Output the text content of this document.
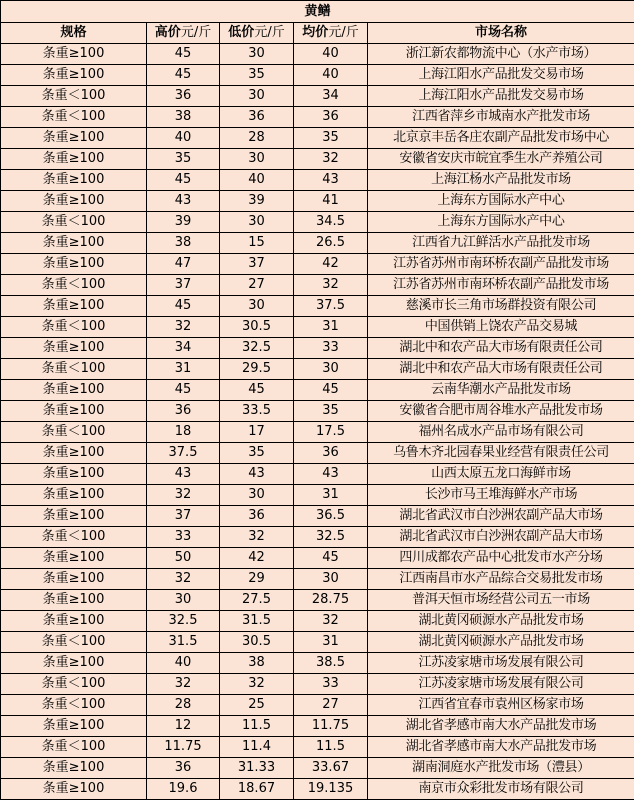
黄鳝				
规格	高价元/斤	低价元/斤	均价元/斤	市场名称
条重≥100	45	30	40	浙江新农都物流中心（水产市场）
条重≥100	45	35	40	上海江阳水产品批发交易市场
条重＜100	36	30	34	上海江阳水产品批发交易市场
条重＜100	38	36	36	江西省萍乡市城南水产批发市场
条重≥100	40	28	35	北京京丰岳各庄农副产品批发市场中心
条重≥100	35	30	32	安徽省安庆市皖宜季生水产养殖公司
条重≥100	45	40	43	上海江杨水产品批发市场
条重≥100	43	39	41	上海东方国际水产中心
条重＜100	39	30	34.5	上海东方国际水产中心
条重≥100	38	15	26.5	江西省九江鲜活水产品批发市场
条重≥100	47	37	42	江苏省苏州市南环桥农副产品批发市场
条重＜100	37	27	32	江苏省苏州市南环桥农副产品批发市场
条重≥100	45	30	37.5	慈溪市长三角市场群投资有限公司
条重＜100	32	30.5	31	中国供销上饶农产品交易城
条重≥100	34	32.5	33	湖北中和农产品大市场有限责任公司
条重＜100	31	29.5	30	湖北中和农产品大市场有限责任公司
条重≥100	45	45	45	云南华潮水产品批发市场
条重≥100	36	33.5	35	安徽省合肥市周谷堆水产品批发市场
条重＜100	18	17	17.5	福州名成水产品市场有限公司
条重≥100	37.5	35	36	乌鲁木齐北园春果业经营有限责任公司
条重≥100	43	43	43	山西太原五龙口海鲜市场
条重≥100	32	30	31	长沙市马王堆海鲜水产市场
条重≥100	37	36	36.5	湖北省武汉市白沙洲农副产品大市场
条重＜100	33	32	32.5	湖北省武汉市白沙洲农副产品大市场
条重≥100	50	42	45	四川成都农产品中心批发市水产分场
条重≥100	32	29	30	江西南昌市水产品综合交易批发市场
条重≥100	30	27.5	28.75	普洱天恒市场经营公司五一市场
条重≥100	32.5	31.5	32	湖北黄冈硕源水产品批发市场
条重＜100	31.5	30.5	31	湖北黄冈硕源水产品批发市场
条重≥100	40	38	38.5	江苏凌家塘市场发展有限公司
条重＜100	32	32	33	江苏凌家塘市场发展有限公司
条重＜100	28	25	27	江西省宜春市袁州区杨家市场
条重≥100	12	11.5	11.75	湖北省孝感市南大水产品批发市场
条重＜100	11.75	11.4	11.5	湖北省孝感市南大水产品批发市场
条重≥100	36	31.33	33.67	湖南洞庭水产批发市场（澧县）
条重≥100	19.6	18.67	19.135	南京市众彩批发市场有限公司
